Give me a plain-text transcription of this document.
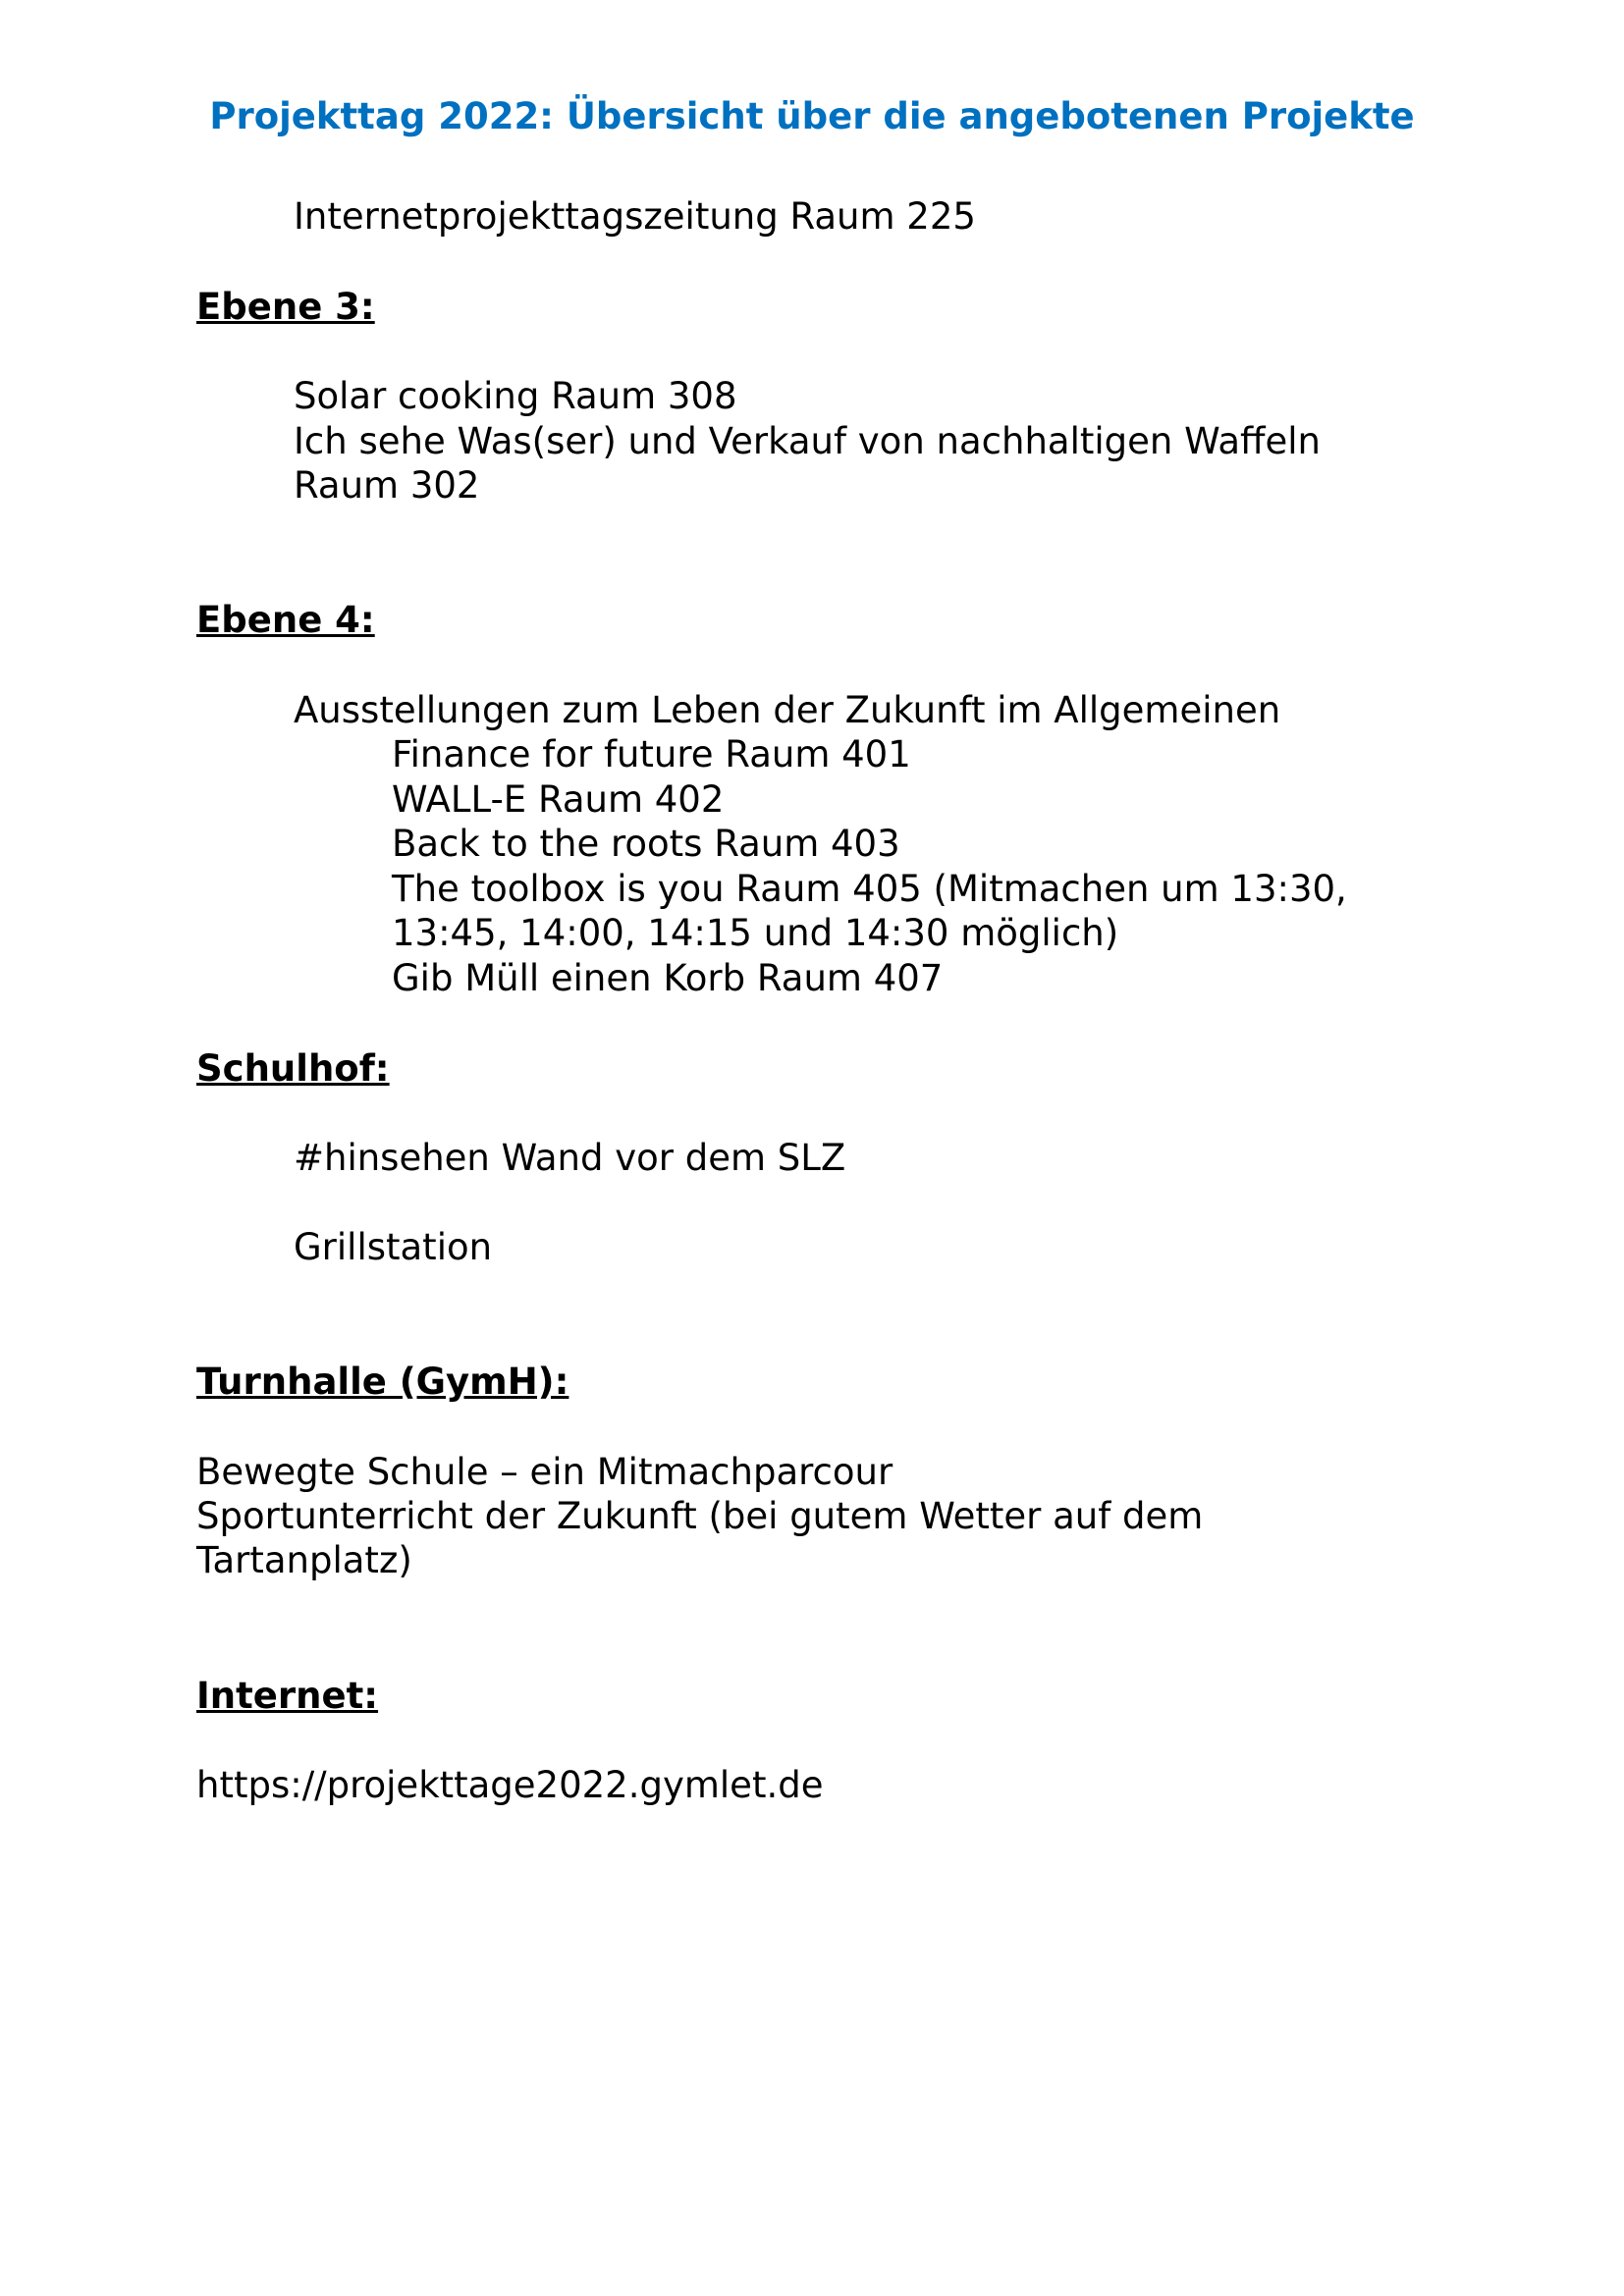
Projekttag 2022: Übersicht über die angebotenen Projekte
Internetprojekttagszeitung Raum 225
Ebene 3:
Solar cooking Raum 308
Ich sehe Was(ser) und Verkauf von nachhaltigen Waffeln Raum 302
Ebene 4:
Ausstellungen zum Leben der Zukunft im Allgemeinen
Finance for future Raum 401
WALL-E Raum 402
Back to the roots Raum 403
The toolbox is you Raum 405 (Mitmachen um 13:30, 13:45, 14:00, 14:15 und 14:30 möglich)
Gib Müll einen Korb Raum 407
Schulhof:
#hinsehen Wand vor dem SLZ
Grillstation
Turnhalle (GymH):
Bewegte Schule – ein Mitmachparcour
Sportunterricht der Zukunft (bei gutem Wetter auf dem Tartanplatz)
Internet:
https://projekttage2022.gymlet.de
